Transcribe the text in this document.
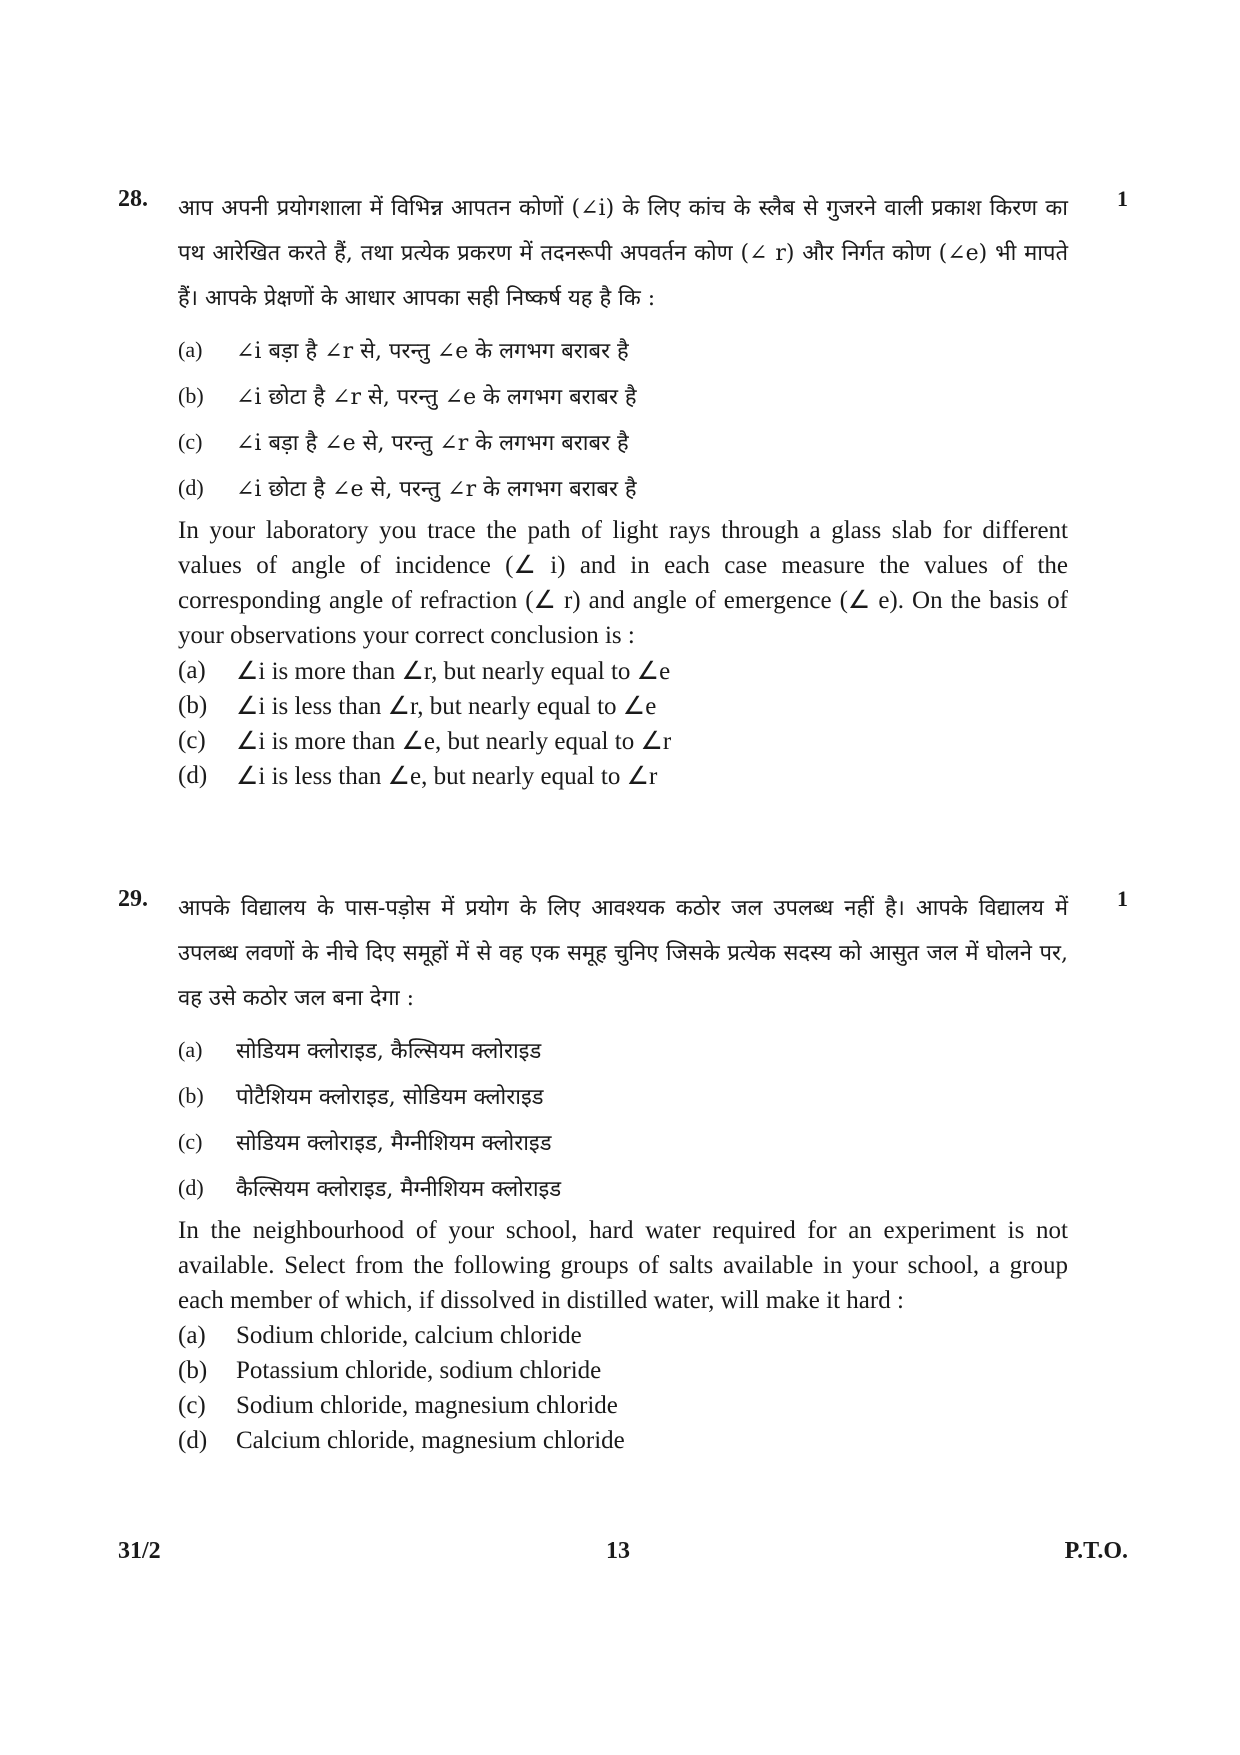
28.	1

आप अपनी प्रयोगशाला में विभिन्न आपतन कोणों (∠i) के लिए कांच के स्लैब से गुजरने वाली प्रकाश किरण का पथ आरेखित करते हैं, तथा प्रत्येक प्रकरण में तदनरूपी अपवर्तन कोण (∠ r) और निर्गत कोण (∠e) भी मापते हैं। आपके प्रेक्षणों के आधार आपका सही निष्कर्ष यह है कि :

(a)	∠i बड़ा है ∠r से, परन्तु ∠e के लगभग बराबर है
(b)	∠i छोटा है ∠r से, परन्तु ∠e के लगभग बराबर है
(c)	∠i बड़ा है ∠e से, परन्तु ∠r के लगभग बराबर है
(d)	∠i छोटा है ∠e से, परन्तु ∠r के लगभग बराबर है

In your laboratory you trace the path of light rays through a glass slab for different values of angle of incidence (∠ i) and in each case measure the values of the corresponding angle of refraction (∠ r) and angle of emergence (∠ e). On the basis of your observations your correct conclusion is :

(a)	∠i is more than ∠r, but nearly equal to ∠e
(b)	∠i is less than ∠r, but nearly equal to ∠e
(c)	∠i is more than ∠e, but nearly equal to ∠r
(d)	∠i is less than ∠e, but nearly equal to ∠r
29.	1

आपके विद्यालय के पास-पड़ोस में प्रयोग के लिए आवश्यक कठोर जल उपलब्ध नहीं है। आपके विद्यालय में उपलब्ध लवणों के नीचे दिए समूहों में से वह एक समूह चुनिए जिसके प्रत्येक सदस्य को आसुत जल में घोलने पर, वह उसे कठोर जल बना देगा :

(a)	सोडियम क्लोराइड, कैल्सियम क्लोराइड
(b)	पोटैशियम क्लोराइड, सोडियम क्लोराइड
(c)	सोडियम क्लोराइड, मैग्नीशियम क्लोराइड
(d)	कैल्सियम क्लोराइड, मैग्नीशियम क्लोराइड

In the neighbourhood of your school, hard water required for an experiment is not available. Select from the following groups of salts available in your school, a group each member of which, if dissolved in distilled water, will make it hard :

(a)	Sodium chloride, calcium chloride
(b)	Potassium chloride, sodium chloride
(c)	Sodium chloride, magnesium chloride
(d)	Calcium chloride, magnesium chloride
31/2	13	P.T.O.
